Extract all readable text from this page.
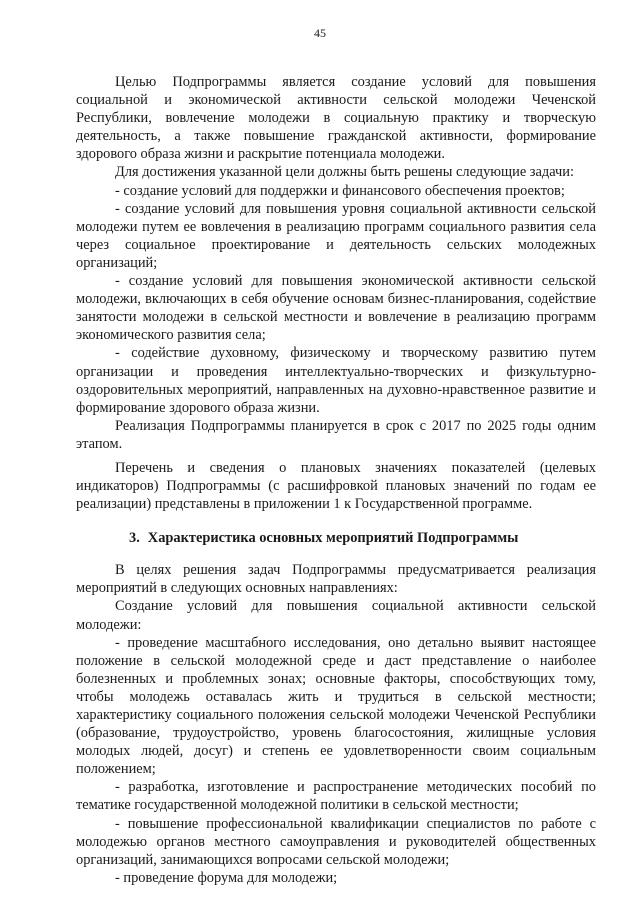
45

Целью Подпрограммы является создание условий для повышения социальной и экономической активности сельской молодежи Чеченской Республики, вовлечение молодежи в социальную практику и творческую деятельность, а также повышение гражданской активности, формирование здорового образа жизни и раскрытие потенциала молодежи.

Для достижения указанной цели должны быть решены следующие задачи:

- создание условий для поддержки и финансового обеспечения проектов;

- создание условий для повышения уровня социальной активности сельской молодежи путем ее вовлечения в реализацию программ социального развития села через социальное проектирование и деятельность сельских молодежных организаций;

- создание условий для повышения экономической активности сельской молодежи, включающих в себя обучение основам бизнес-планирования, содействие занятости молодежи в сельской местности и вовлечение в реализацию программ экономического развития села;

- содействие духовному, физическому и творческому развитию путем организации и проведения интеллектуально-творческих и физкультурно-оздоровительных мероприятий, направленных на духовно-нравственное развитие и формирование здорового образа жизни.

Реализация Подпрограммы планируется в срок с 2017 по 2025 годы одним этапом.

Перечень и сведения о плановых значениях показателей (целевых индикаторов) Подпрограммы (с расшифровкой плановых значений по годам ее реализации) представлены в приложении 1 к Государственной программе.

3. Характеристика основных мероприятий Подпрограммы

В целях решения задач Подпрограммы предусматривается реализация мероприятий в следующих основных направлениях:

Создание условий для повышения социальной активности сельской молодежи:

- проведение масштабного исследования, оно детально выявит настоящее положение в сельской молодежной среде и даст представление о наиболее болезненных и проблемных зонах; основные факторы, способствующих тому, чтобы молодежь оставалась жить и трудиться в сельской местности; характеристику социального положения сельской молодежи Чеченской Республики (образование, трудоустройство, уровень благосостояния, жилищные условия молодых людей, досуг) и степень ее удовлетворенности своим социальным положением;

- разработка, изготовление и распространение методических пособий по тематике государственной молодежной политики в сельской местности;

- повышение профессиональной квалификации специалистов по работе с молодежью органов местного самоуправления и руководителей общественных организаций, занимающихся вопросами сельской молодежи;

- проведение форума для молодежи;
